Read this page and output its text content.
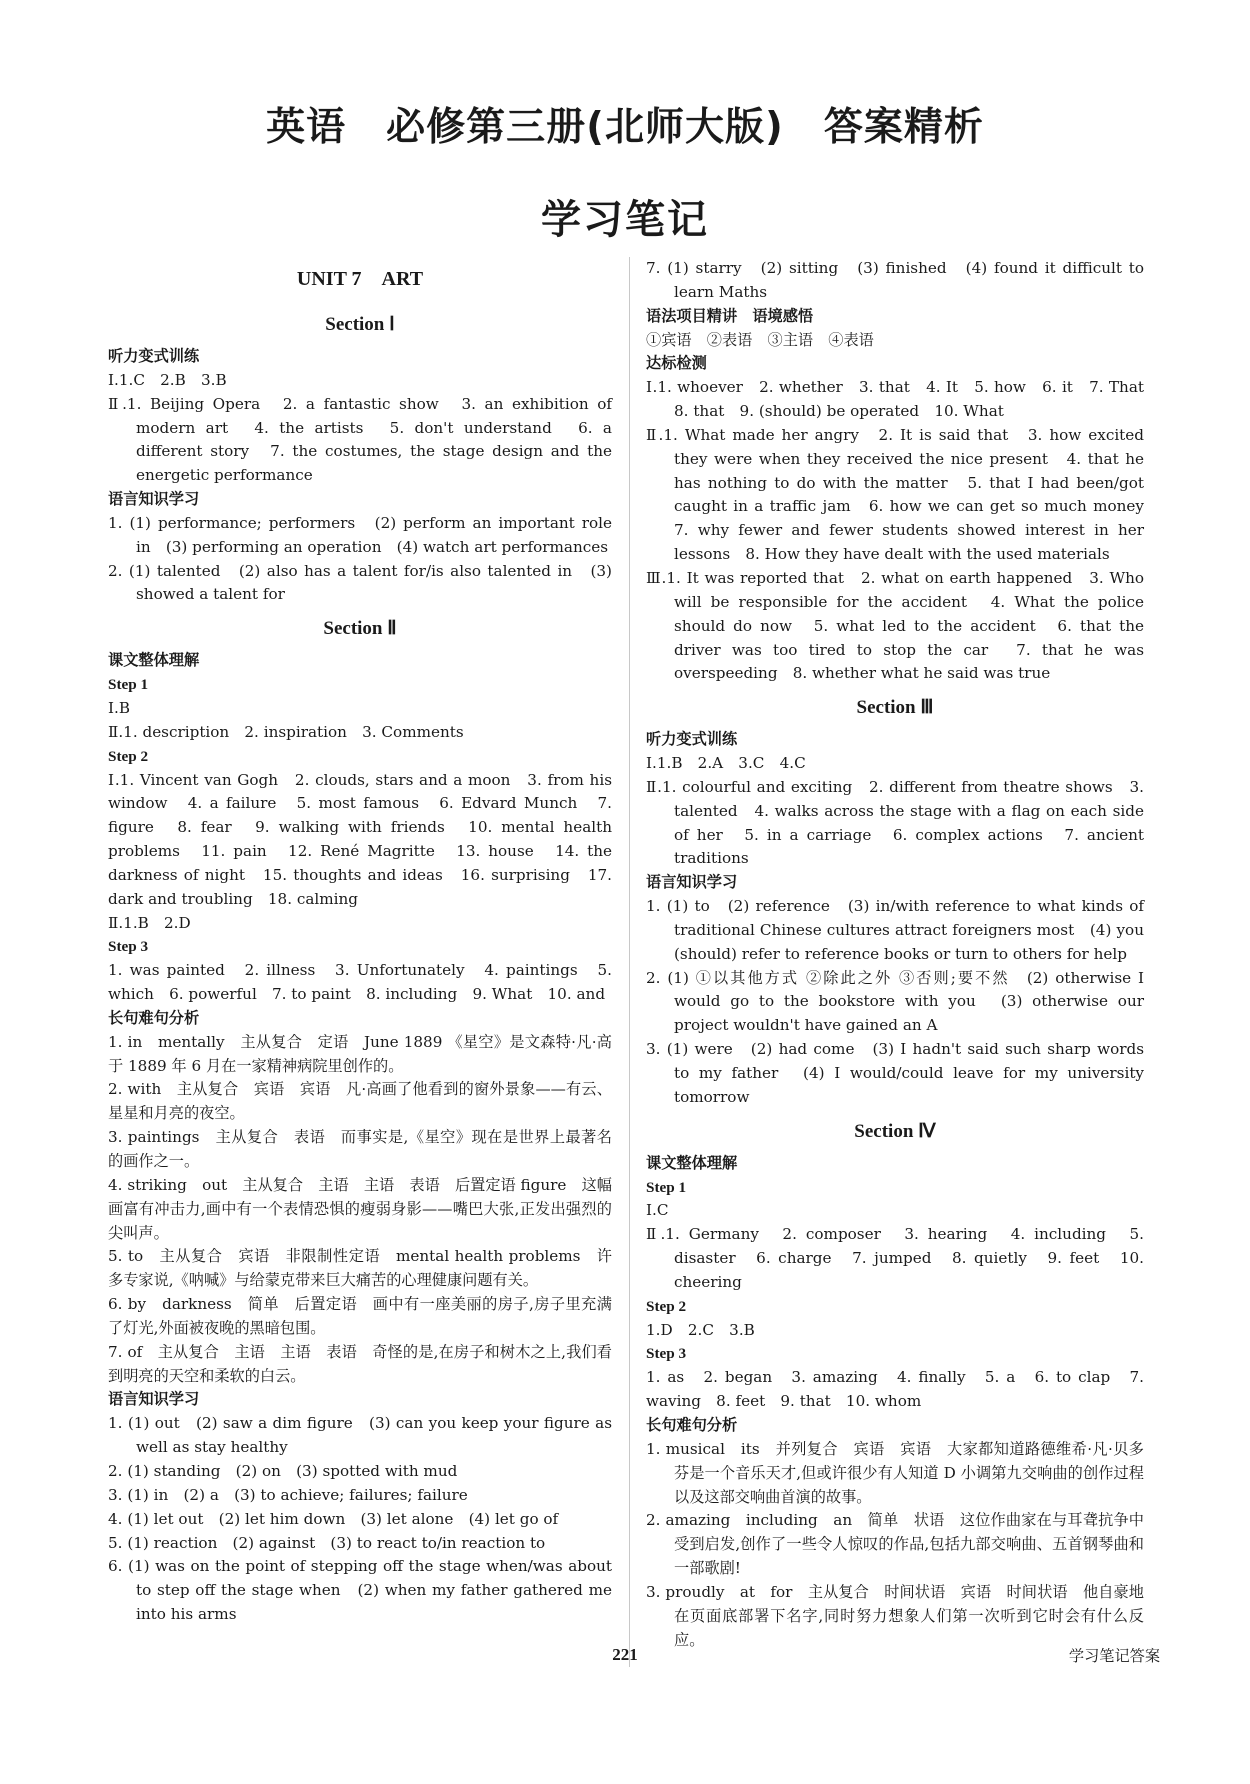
英语　必修第三册(北师大版)　答案精析
学习笔记
UNIT 7　ART
Section Ⅰ
听力变式训练

Ⅰ.1.C　2.B　3.B

Ⅱ.1. Beijing Opera　2. a fantastic show　3. an exhibition of modern art　4. the artists　5. don't understand　6. a different story　7. the costumes, the stage design and the energetic performance

语言知识学习

1. (1) performance; performers　(2) perform an important role in　(3) performing an operation　(4) watch art performances

2. (1) talented　(2) also has a talent for/is also talented in　(3) showed a talent for

Section Ⅱ
课文整体理解
Step 1

Ⅰ.B

Ⅱ.1. description　2. inspiration　3. Comments

Step 2

Ⅰ.1. Vincent van Gogh　2. clouds, stars and a moon　3. from his window　4. a failure　5. most famous　6. Edvard Munch　7. figure　8. fear　9. walking with friends　10. mental health problems　11. pain　12. René Magritte　13. house　14. the darkness of night　15. thoughts and ideas　16. surprising　17. dark and troubling　18. calming

Ⅱ.1.B　2.D

Step 3

1. was painted　2. illness　3. Unfortunately　4. paintings　5. which　6. powerful　7. to paint　8. including　9. What　10. and

长句难句分析

1. in　mentally　主从复合　定语　June 1889 《星空》是文森特·凡·高于 1889 年 6 月在一家精神病院里创作的。

2. with　主从复合　宾语　宾语　凡·高画了他看到的窗外景象——有云、星星和月亮的夜空。

3. paintings　主从复合　表语　而事实是,《星空》现在是世界上最著名的画作之一。

4. striking　out　主从复合　主语　主语　表语　后置定语 figure　这幅画富有冲击力,画中有一个表情恐惧的瘦弱身影——嘴巴大张,正发出强烈的尖叫声。

5. to　主从复合　宾语　非限制性定语　mental health problems　许多专家说,《呐喊》与给蒙克带来巨大痛苦的心理健康问题有关。

6. by　darkness　简单　后置定语　画中有一座美丽的房子,房子里充满了灯光,外面被夜晚的黑暗包围。

7. of　主从复合　主语　主语　表语　奇怪的是,在房子和树木之上,我们看到明亮的天空和柔软的白云。

语言知识学习

1. (1) out　(2) saw a dim figure　(3) can you keep your figure as well as stay healthy

2. (1) standing　(2) on　(3) spotted with mud

3. (1) in　(2) a　(3) to achieve; failures; failure

4. (1) let out　(2) let him down　(3) let alone　(4) let go of

5. (1) reaction　(2) against　(3) to react to/in reaction to

6. (1) was on the point of stepping off the stage when/was about to step off the stage when　(2) when my father gathered me into his arms

7. (1) starry　(2) sitting　(3) finished　(4) found it difficult to learn Maths

语法项目精讲　语境感悟

①宾语　②表语　③主语　④表语

达标检测

Ⅰ.1. whoever　2. whether　3. that　4. It　5. how　6. it　7. That　8. that　9. (should) be operated　10. What

Ⅱ.1. What made her angry　2. It is said that　3. how excited they were when they received the nice present　4. that he has nothing to do with the matter　5. that I had been/got caught in a traffic jam　6. how we can get so much money　7. why fewer and fewer students showed interest in her lessons　8. How they have dealt with the used materials

Ⅲ.1. It was reported that　2. what on earth happened　3. Who will be responsible for the accident　4. What the police should do now　5. what led to the accident　6. that the driver was too tired to stop the car　7. that he was overspeeding　8. whether what he said was true

Section Ⅲ
听力变式训练

Ⅰ.1.B　2.A　3.C　4.C

Ⅱ.1. colourful and exciting　2. different from theatre shows　3. talented　4. walks across the stage with a flag on each side of her　5. in a carriage　6. complex actions　7. ancient traditions

语言知识学习

1. (1) to　(2) reference　(3) in/with reference to what kinds of traditional Chinese cultures attract foreigners most　(4) you (should) refer to reference books or turn to others for help

2. (1) ①以其他方式 ②除此之外 ③否则;要不然　(2) otherwise I would go to the bookstore with you　(3) otherwise our project wouldn't have gained an A

3. (1) were　(2) had come　(3) I hadn't said such sharp words to my father　(4) I would/could leave for my university tomorrow

Section Ⅳ
课文整体理解
Step 1

Ⅰ.C

Ⅱ.1. Germany　2. composer　3. hearing　4. including　5. disaster　6. charge　7. jumped　8. quietly　9. feet　10. cheering

Step 2

1.D　2.C　3.B

Step 3

1. as　2. began　3. amazing　4. finally　5. a　6. to clap　7. waving　8. feet　9. that　10. whom

长句难句分析

1. musical　its　并列复合　宾语　宾语　大家都知道路德维希·凡·贝多芬是一个音乐天才,但或许很少有人知道 D 小调第九交响曲的创作过程以及这部交响曲首演的故事。

2. amazing　including　an　简单　状语　这位作曲家在与耳聋抗争中受到启发,创作了一些令人惊叹的作品,包括九部交响曲、五首钢琴曲和一部歌剧!

3. proudly　at　for　主从复合　时间状语　宾语　时间状语　他自豪地在页面底部署下名字,同时努力想象人们第一次听到它时会有什么反应。

221	学习笔记答案
